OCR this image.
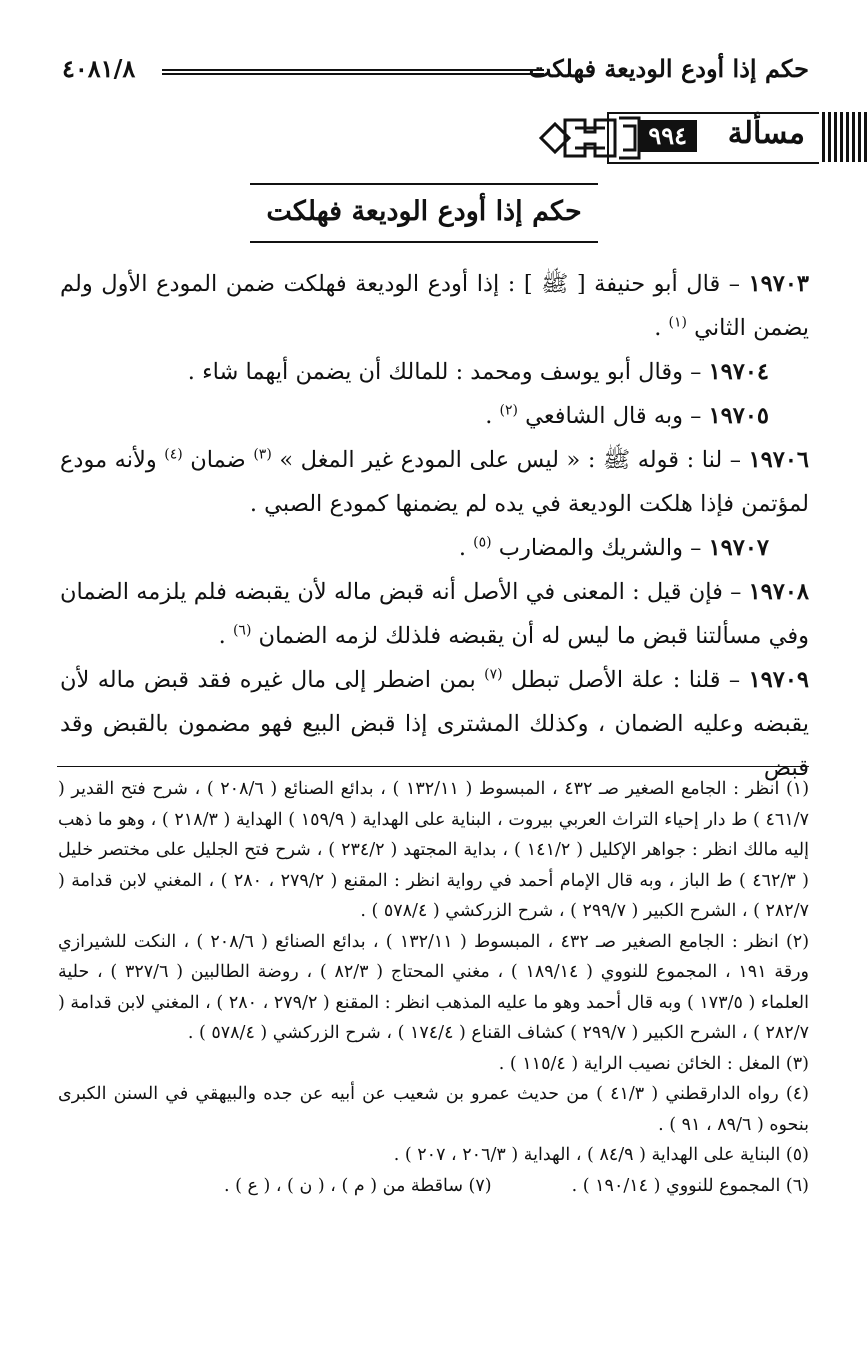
حكم إذا أودع الوديعة فهلكت
٤٠٨١/٨
مسألة
٩٩٤
حكم إذا أودع الوديعة فهلكت

١٩٧٠٣ – قال أبو حنيفة [ ﷺ ] : إذا أودع الوديعة فهلكت ضمن المودع الأول ولم يضمن الثاني $^{(١)}$ .

١٩٧٠٤ – وقال أبو يوسف ومحمد : للمالك أن يضمن أيهما شاء .

١٩٧٠٥ – وبه قال الشافعي $^{(٢)}$ .

١٩٧٠٦ – لنا : قوله ﷺ : « ليس على المودع غير المغل » $^{(٣)}$ ضمان $^{(٤)}$ ولأنه مودع لمؤتمن فإذا هلكت الوديعة في يده لم يضمنها كمودع الصبي .

١٩٧٠٧ – والشريك والمضارب $^{(٥)}$ .

١٩٧٠٨ – فإن قيل : المعنى في الأصل أنه قبض ماله لأن يقبضه فلم يلزمه الضمان وفي مسألتنا قبض ما ليس له أن يقبضه فلذلك لزمه الضمان $^{(٦)}$ .

١٩٧٠٩ – قلنا : علة الأصل تبطل $^{(٧)}$ بمن اضطر إلى مال غيره فقد قبض ماله لأن يقبضه وعليه الضمان ، وكذلك المشترى إذا قبض البيع فهو مضمون بالقبض وقد قبض

(١) انظر : الجامع الصغير صـ ٤٣٢ ، المبسوط ( ١٣٢/١١ ) ، بدائع الصنائع ( ٢٠٨/٦ ) ، شرح فتح القدير ( ٤٦١/٧ ) ط دار إحياء التراث العربي بيروت ، البناية على الهداية ( ١٥٩/٩ ) الهداية ( ٢١٨/٣ ) ، وهو ما ذهب إليه مالك انظر : جواهر الإكليل ( ١٤١/٢ ) ، بداية المجتهد ( ٢٣٤/٢ ) ، شرح فتح الجليل على مختصر خليل ( ٤٦٢/٣ ) ط الباز ، وبه قال الإمام أحمد في رواية انظر : المقنع ( ٢٧٩/٢ ، ٢٨٠ ) ، المغني لابن قدامة ( ٢٨٢/٧ ) ، الشرح الكبير ( ٢٩٩/٧ ) ، شرح الزركشي ( ٥٧٨/٤ ) .

(٢) انظر : الجامع الصغير صـ ٤٣٢ ، المبسوط ( ١٣٢/١١ ) ، بدائع الصنائع ( ٢٠٨/٦ ) ، النكت للشيرازي ورقة ١٩١ ، المجموع للنووي ( ١٨٩/١٤ ) ، مغني المحتاج ( ٨٢/٣ ) ، روضة الطالبين ( ٣٢٧/٦ ) ، حلية العلماء ( ١٧٣/٥ ) وبه قال أحمد وهو ما عليه المذهب انظر : المقنع ( ٢٧٩/٢ ، ٢٨٠ ) ، المغني لابن قدامة ( ٢٨٢/٧ ) ، الشرح الكبير ( ٢٩٩/٧ ) كشاف القناع ( ١٧٤/٤ ) ، شرح الزركشي ( ٥٧٨/٤ ) .

(٣) المغل : الخائن نصيب الراية ( ١١٥/٤ ) .

(٤) رواه الدارقطني ( ٤١/٣ ) من حديث عمرو بن شعيب عن أبيه عن جده والبيهقي في السنن الكبرى بنحوه ( ٨٩/٦ ، ٩١ ) .

(٥) البناية على الهداية ( ٨٤/٩ ) ، الهداية ( ٢٠٦/٣ ، ٢٠٧ ) .

(٦) المجموع للنووي ( ١٩٠/١٤ ) .

(٧) ساقطة من ( م ) ، ( ن ) ، ( ع ) .
